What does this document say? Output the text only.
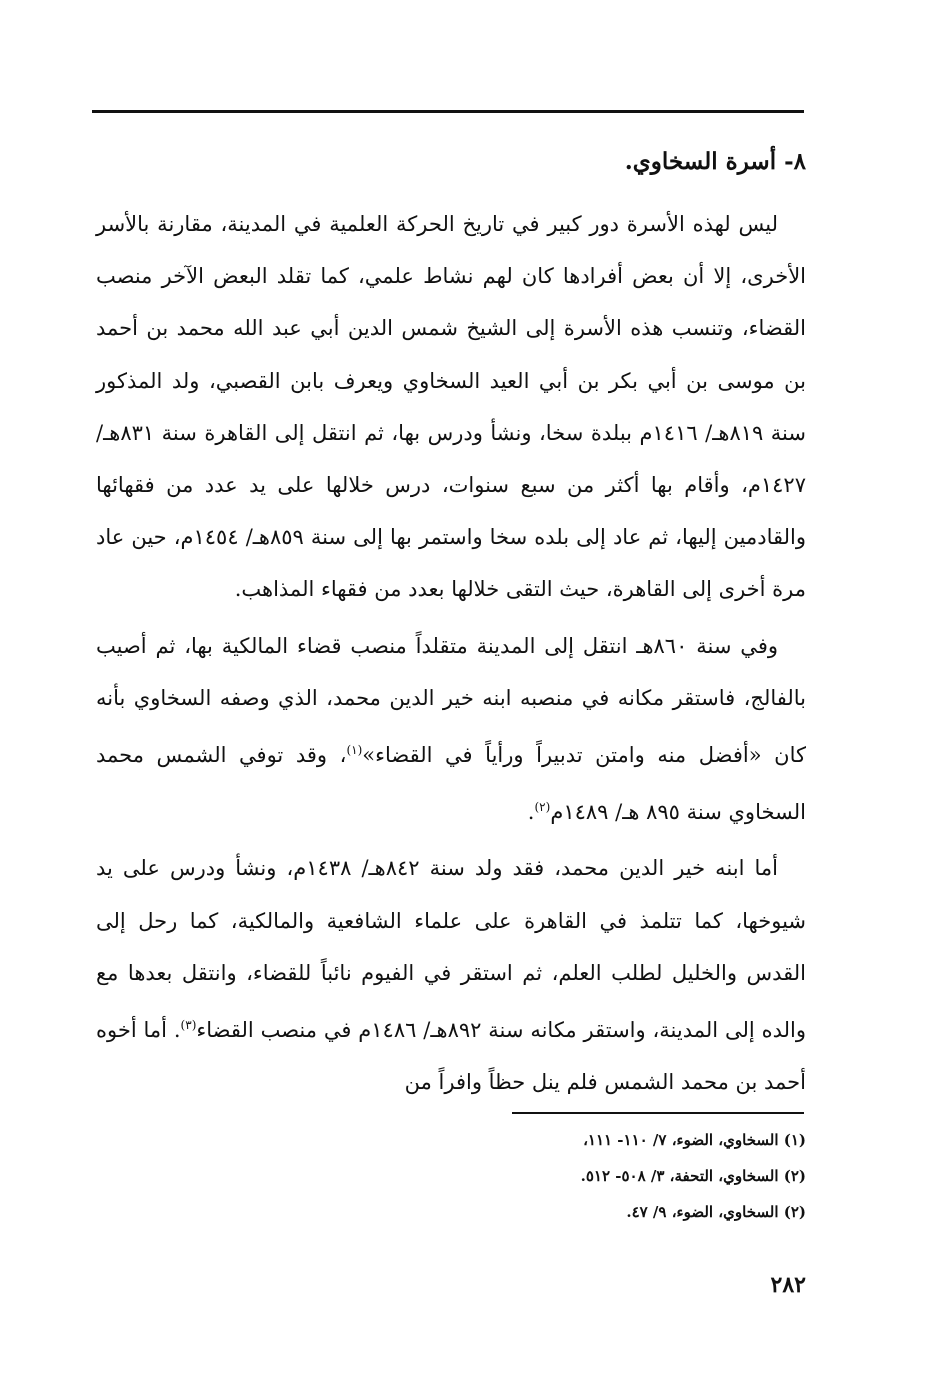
٨- أسرة السخاوي.

ليس لهذه الأسرة دور كبير في تاريخ الحركة العلمية في المدينة، مقارنة بالأسر الأخرى، إلا أن بعض أفرادها كان لهم نشاط علمي، كما تقلد البعض الآخر منصب القضاء، وتنسب هذه الأسرة إلى الشيخ شمس الدين أبي عبد الله محمد بن أحمد بن موسى بن أبي بكر بن أبي العيد السخاوي ويعرف بابن القصبي، ولد المذكور سنة ٨١٩هـ/ ١٤١٦م ببلدة سخا، ونشأ ودرس بها، ثم انتقل إلى القاهرة سنة ٨٣١هـ/ ١٤٢٧م، وأقام بها أكثر من سبع سنوات، درس خلالها على يد عدد من فقهائها والقادمين إليها، ثم عاد إلى بلده سخا واستمر بها إلى سنة ٨٥٩هـ/ ١٤٥٤م، حين عاد مرة أخرى إلى القاهرة، حيث التقى خلالها بعدد من فقهاء المذاهب.

وفي سنة ٨٦٠هـ انتقل إلى المدينة متقلداً منصب قضاء المالكية بها، ثم أصيب بالفالج، فاستقر مكانه في منصبه ابنه خير الدين محمد، الذي وصفه السخاوي بأنه كان «أفضل منه وامتن تدبيراً ورأياً في القضاء»$^{(١)}$، وقد توفي الشمس محمد السخاوي سنة ٨٩٥ هـ/ ١٤٨٩م$^{(٢)}$.

أما ابنه خير الدين محمد، فقد ولد سنة ٨٤٢هـ/ ١٤٣٨م، ونشأ ودرس على يد شيوخها، كما تتلمذ في القاهرة على علماء الشافعية والمالكية، كما رحل إلى القدس والخليل لطلب العلم، ثم استقر في الفيوم نائباً للقضاء، وانتقل بعدها مع والده إلى المدينة، واستقر مكانه سنة ٨٩٢هـ/ ١٤٨٦م في منصب القضاء$^{(٣)}$. أما أخوه أحمد بن محمد الشمس فلم ينل حظاً وافراً من

(١) السخاوي، الضوء، ٧/ ١١٠- ١١١،

(٢) السخاوي، التحفة، ٣/ ٥٠٨- ٥١٢.

(٢) السخاوي، الضوء، ٩/ ٤٧.

٢٨٢
